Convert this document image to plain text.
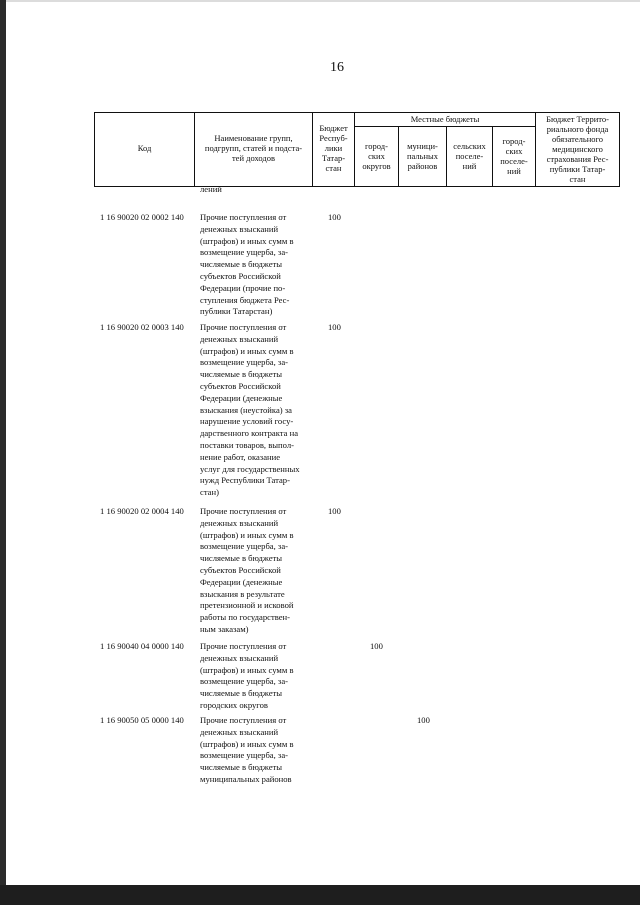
16
Код
Наименование групп,
подгрупп, статей и подста-
тей доходов
Бюджет
Респуб-
лики
Татар-
стан
Местные бюджеты
город-
ских
округов
муници-
пальных
районов
сельских
поселе-
ний
город-
ских
поселе-
ний
Бюджет Террито-
риального фонда
обязательного
медицинского
страхования Рес-
публики Татар-
стан
лений
1 16 90020 02 0002 140 Прочие поступления от
денежных взысканий
(штрафов) и иных сумм в
возмещение ущерба, за-
числяемые в бюджеты
субъектов Российской
Федерации (прочие по-
ступления бюджета Рес-
публики Татарстан)
100
1 16 90020 02 0003 140 Прочие поступления от
денежных взысканий
(штрафов) и иных сумм в
возмещение ущерба, за-
числяемые в бюджеты
субъектов Российской
Федерации (денежные
взыскания (неустойка) за
нарушение условий госу-
дарственного контракта на
поставки товаров, выпол-
нение работ, оказание
услуг для государственных
нужд Республики Татар-
стан)
100
1 16 90020 02 0004 140 Прочие поступления от
денежных взысканий
(штрафов) и иных сумм в
возмещение ущерба, за-
числяемые в бюджеты
субъектов Российской
Федерации (денежные
взыскания в результате
претензионной и исковой
работы по государствен-
ным заказам)
100
1 16 90040 04 0000 140 Прочие поступления от
денежных взысканий
(штрафов) и иных сумм в
возмещение ущерба, за-
числяемые в бюджеты
городских округов
100
1 16 90050 05 0000 140 Прочие поступления от
денежных взысканий
(штрафов) и иных сумм в
возмещение ущерба, за-
числяемые в бюджеты
муниципальных районов
100
